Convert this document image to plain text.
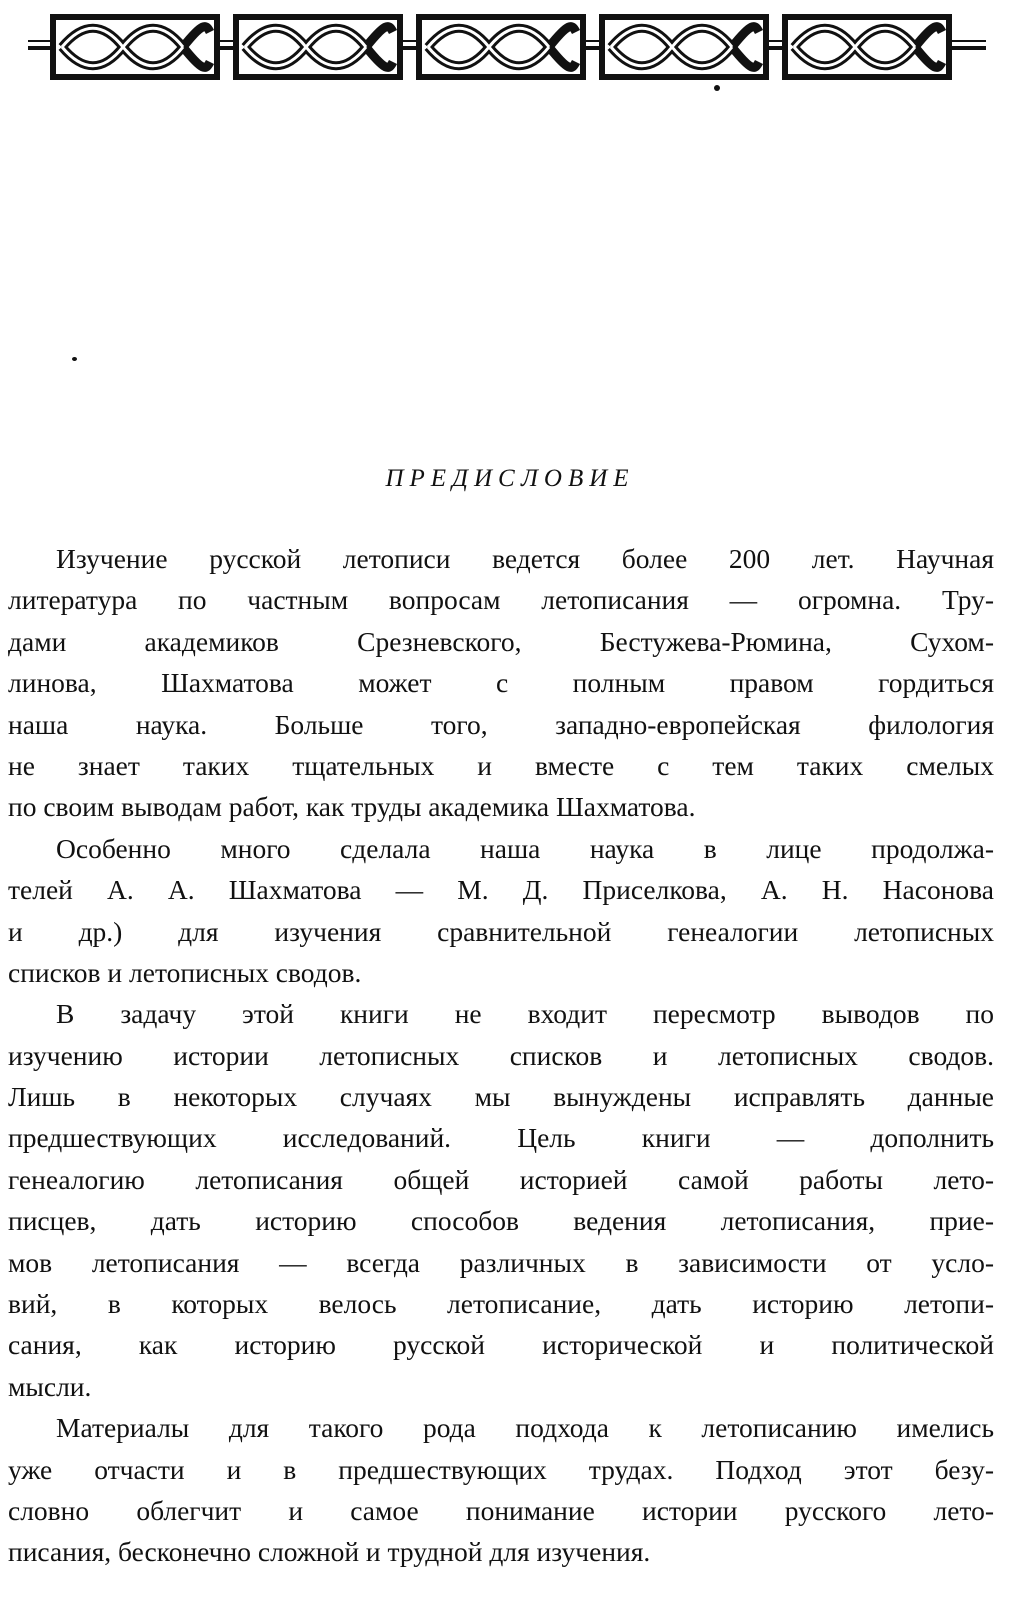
ПРЕДИСЛОВИЕ
Изучение русской летописи ведется более 200 лет. Научная
литература по частным вопросам летописания — огромна. Тру-
дами академиков Срезневского, Бестужева-Рюмина, Сухом-
линова, Шахматова может с полным правом гордиться
наша наука. Больше того, западно-европейская филология
не знает таких тщательных и вместе с тем таких смелых
по своим выводам работ, как труды академика Шахматова.
Особенно много сделала наша наука в лице продолжа-
телей А. А. Шахматова — М. Д. Приселкова, А. Н. Насонова
и др.) для изучения сравнительной генеалогии летописных
списков и летописных сводов.
В задачу этой книги не входит пересмотр выводов по
изучению истории летописных списков и летописных сводов.
Лишь в некоторых случаях мы вынуждены исправлять данные
предшествующих исследований. Цель книги — дополнить
генеалогию летописания общей историей самой работы лето-
писцев, дать историю способов ведения летописания, прие-
мов летописания — всегда различных в зависимости от усло-
вий, в которых велось летописание, дать историю летопи-
сания, как историю русской исторической и политической
мысли.
Материалы для такого рода подхода к летописанию имелись
уже отчасти и в предшествующих трудах. Подход этот безу-
словно облегчит и самое понимание истории русского лето-
писания, бесконечно сложной и трудной для изучения.
